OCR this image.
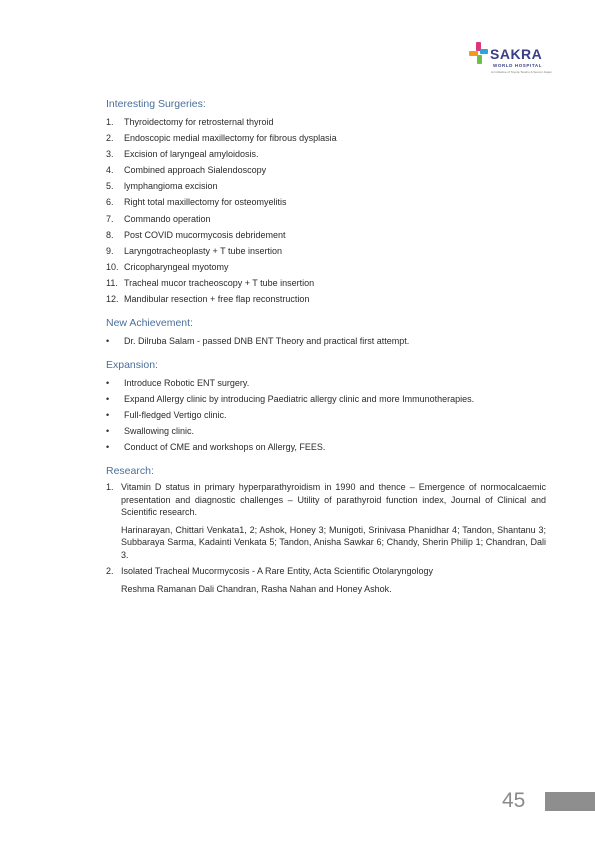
SAKRA
WORLD HOSPITAL
An Initiative of Toyota Tsusho & Secom Japan
Interesting Surgeries:
1. Thyroidectomy for retrosternal thyroid
2. Endoscopic medial maxillectomy for fibrous dysplasia
3. Excision of laryngeal amyloidosis.
4. Combined approach Sialendoscopy
5. lymphangioma excision
6. Right total maxillectomy for osteomyelitis
7. Commando operation
8. Post COVID mucormycosis debridement
9. Laryngotracheoplasty + T tube insertion
10. Cricopharyngeal myotomy
11. Tracheal mucor tracheoscopy + T tube insertion
12. Mandibular resection + free flap reconstruction
New Achievement:
• Dr. Dilruba Salam - passed DNB ENT Theory and practical first attempt.
Expansion:
• Introduce Robotic ENT surgery.
• Expand Allergy clinic by introducing Paediatric allergy clinic and more Immunotherapies.
• Full-fledged Vertigo clinic.
• Swallowing clinic.
• Conduct of CME and workshops on Allergy, FEES.
Research:
1. Vitamin D status in primary hyperparathyroidism in 1990 and thence – Emergence of normocalcaemic presentation and diagnostic challenges – Utility of parathyroid function index, Journal of Clinical and Scientific research.
Harinarayan, Chittari Venkata1, 2; Ashok, Honey 3; Munigoti, Srinivasa Phanidhar 4; Tandon, Shantanu 3; Subbaraya Sarma, Kadainti Venkata 5; Tandon, Anisha Sawkar 6; Chandy, Sherin Philip 1; Chandran, Dali 3.
2. Isolated Tracheal Mucormycosis - A Rare Entity, Acta Scientific Otolaryngology
Reshma Ramanan Dali Chandran, Rasha Nahan and Honey Ashok.
45
